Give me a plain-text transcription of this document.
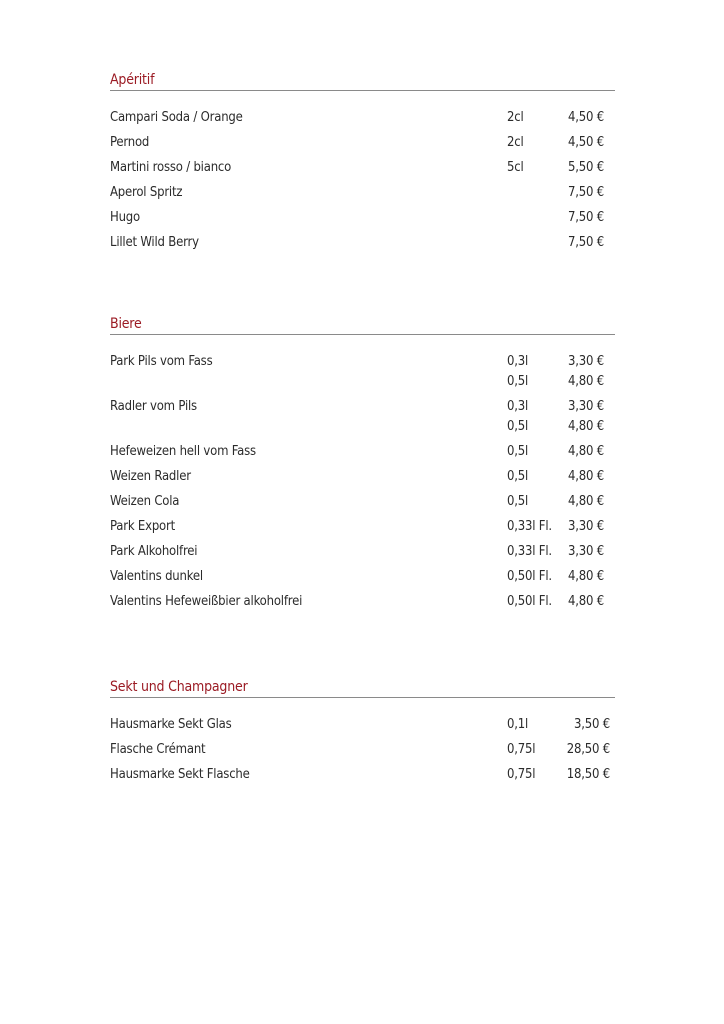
Apéritif
Campari Soda / Orange	2cl	4,50 €
Pernod	2cl	4,50 €
Martini rosso / bianco	5cl	5,50 €
Aperol Spritz	7,50 €
Hugo	7,50 €
Lillet Wild Berry	7,50 €
Biere
Park Pils vom Fass	0,3l	3,30 €
0,5l	4,80 €
Radler vom Pils	0,3l	3,30 €
0,5l	4,80 €
Hefeweizen hell vom Fass	0,5l	4,80 €
Weizen Radler	0,5l	4,80 €
Weizen Cola	0,5l	4,80 €
Park Export	0,33l Fl.	3,30 €
Park Alkoholfrei	0,33l Fl.	3,30 €
Valentins dunkel	0,50l Fl.	4,80 €
Valentins Hefeweißbier alkoholfrei	0,50l Fl.	4,80 €
Sekt und Champagner
Hausmarke Sekt Glas	0,1l	3,50 €
Flasche Crémant	0,75l	28,50 €
Hausmarke Sekt Flasche	0,75l	18,50 €
